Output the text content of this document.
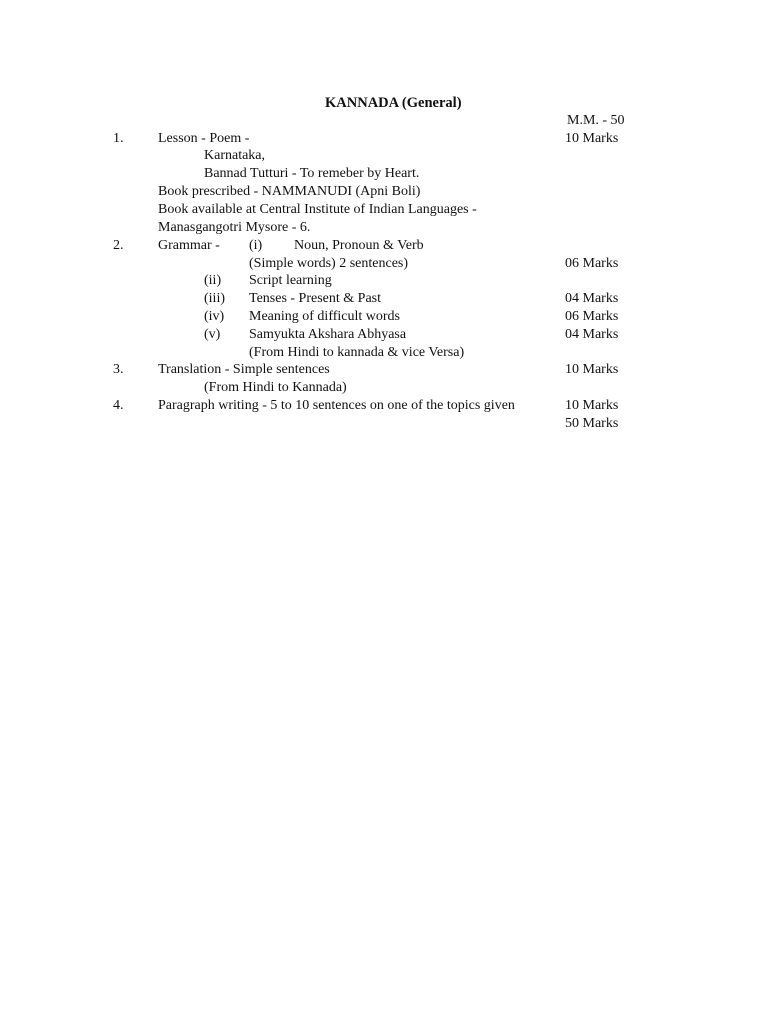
KANNADA (General)
M.M. - 50
1. Lesson - Poem -	10 Marks
Karnataka,
Bannad Tutturi - To remeber by Heart.
Book prescribed - NAMMANUDI (Apni Boli)
Book available at Central Institute of Indian Languages -
Manasgangotri Mysore - 6.
2. Grammar - (i) Noun, Pronoun & Verb
(Simple words) 2 sentences)	06 Marks
(ii) Script learning
(iii) Tenses - Present & Past	04 Marks
(iv) Meaning of difficult words	06 Marks
(v) Samyukta Akshara Abhyasa	04 Marks
(From Hindi to kannada & vice Versa)
3. Translation - Simple sentences	10 Marks
(From Hindi to Kannada)
4. Paragraph writing - 5 to 10 sentences on one of the topics given	10 Marks
50 Marks
